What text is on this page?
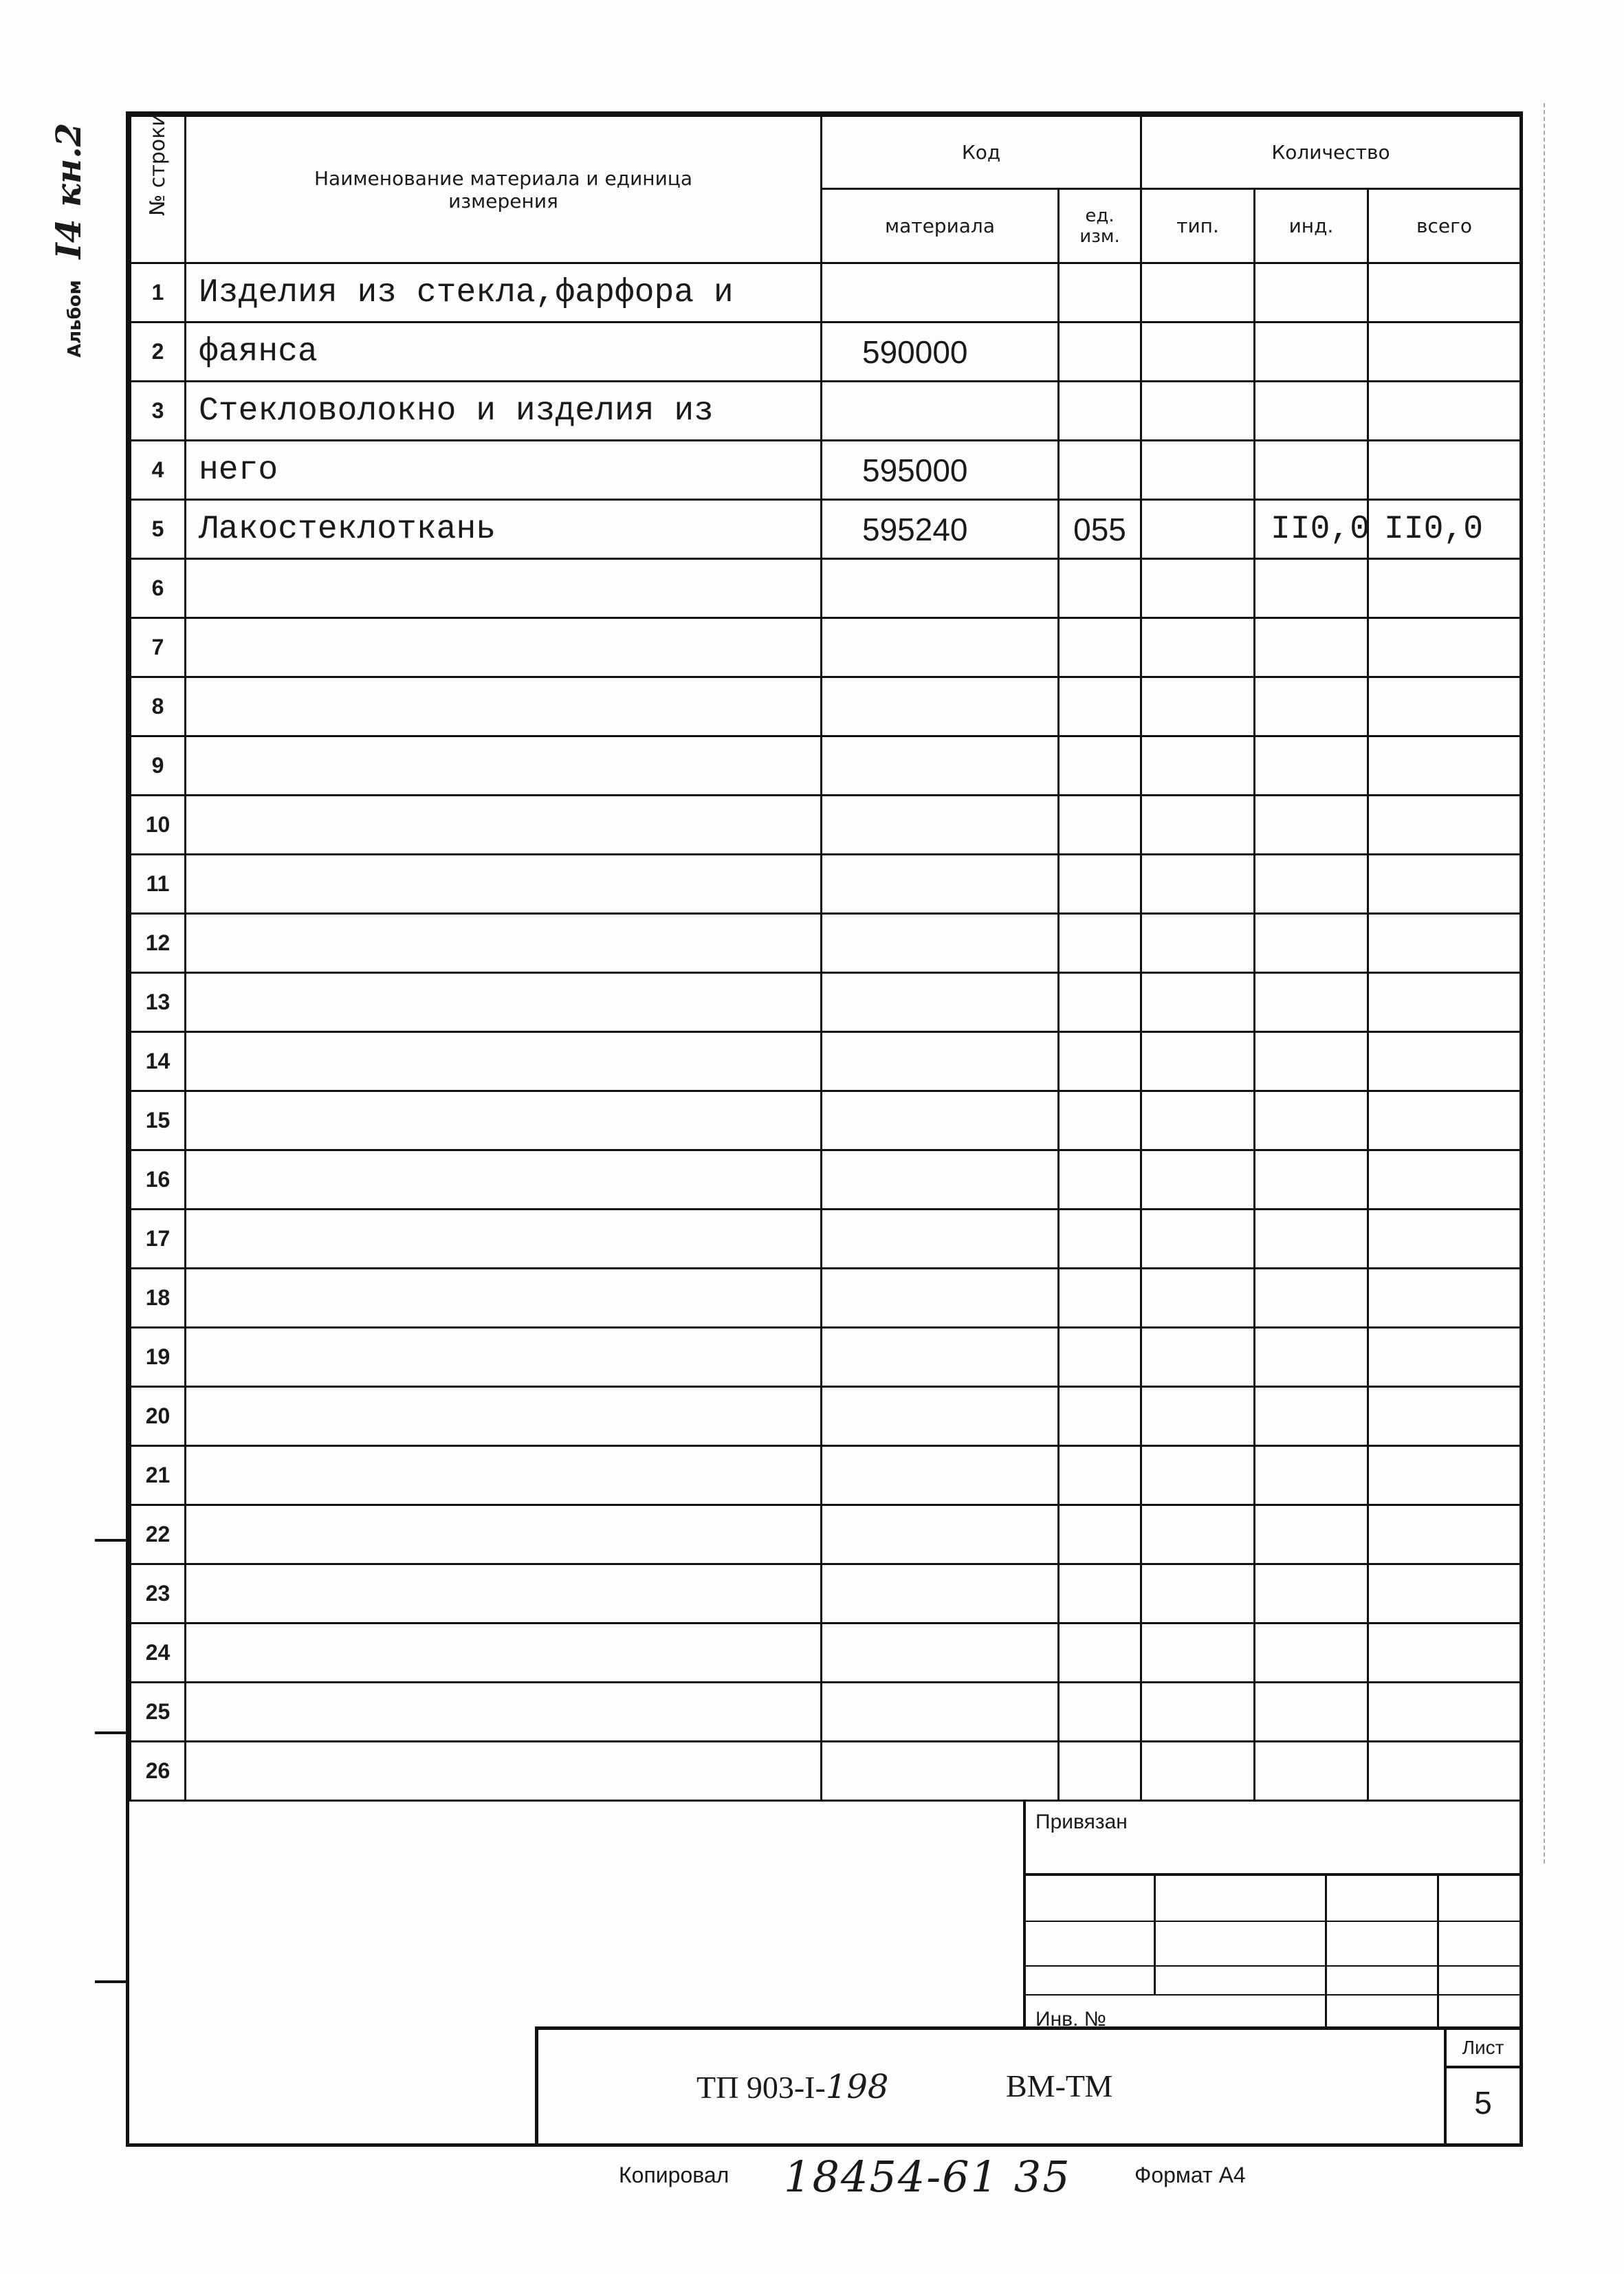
Альбом I4 кн.2	№ строки	Наименование материала и единица измерения	Код		Количество		
		материала	ед. изм.	тип.	инд.	всего
1	Изделия из стекла,фарфора и					
2	фаянса	590000				
3	Стекловолокно и изделия из					
4	него	595000				
5	Лакостеклоткань	595240	055		II0,0	II0,0
6						
7						
8						
9						
10						
11						
12						
13						
14						
15						
16						
17						
18						
19						
20						
21						
22						
23						
24						
25						
26						
Привязан
Инв. №
ТП 903-I-198	ВМ-ТМ
Лист
5
Копировал 18454-61 35	Формат А4
